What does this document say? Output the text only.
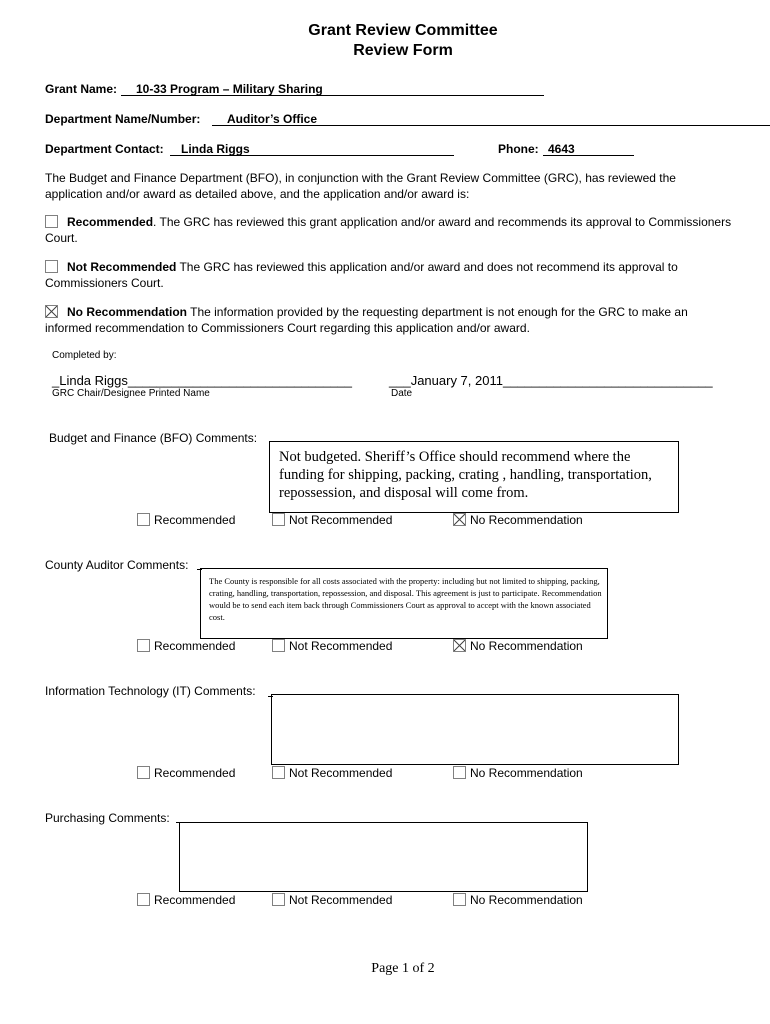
Grant Review Committee
Review Form
Grant Name: 10-33 Program – Military Sharing
Department Name/Number: Auditor’s Office
Department Contact: Linda Riggs	Phone: 4643
The Budget and Finance Department (BFO), in conjunction with the Grant Review Committee (GRC), has reviewed the application and/or award as detailed above, and the application and/or award is:
Recommended. The GRC has reviewed this grant application and/or award and recommends its approval to Commissioners Court.
Not Recommended The GRC has reviewed this application and/or award and does not recommend its approval to Commissioners Court.
No Recommendation The information provided by the requesting department is not enough for the GRC to make an informed recommendation to Commissioners Court regarding this application and/or award.
Completed by:
_Linda Riggs_______________________________
GRC Chair/Designee Printed Name
___January 7, 2011_____________________________
Date
Budget and Finance (BFO) Comments:
Not budgeted. Sheriff’s Office should recommend where the funding for shipping, packing, crating , handling, transportation, repossession, and disposal will come from.
Recommended	Not Recommended	No Recommendation
County Auditor Comments:
The County is responsible for all costs associated with the property: including but not limited to shipping, packing, crating, handling, transportation, repossession, and disposal. This agreement is just to participate. Recommendation would be to send each item back through Commissioners Court as approval to accept with the known associated cost.
Recommended	Not Recommended	No Recommendation
Information Technology (IT) Comments:
Recommended	Not Recommended	No Recommendation
Purchasing Comments:
Recommended	Not Recommended	No Recommendation
Page 1 of 2
